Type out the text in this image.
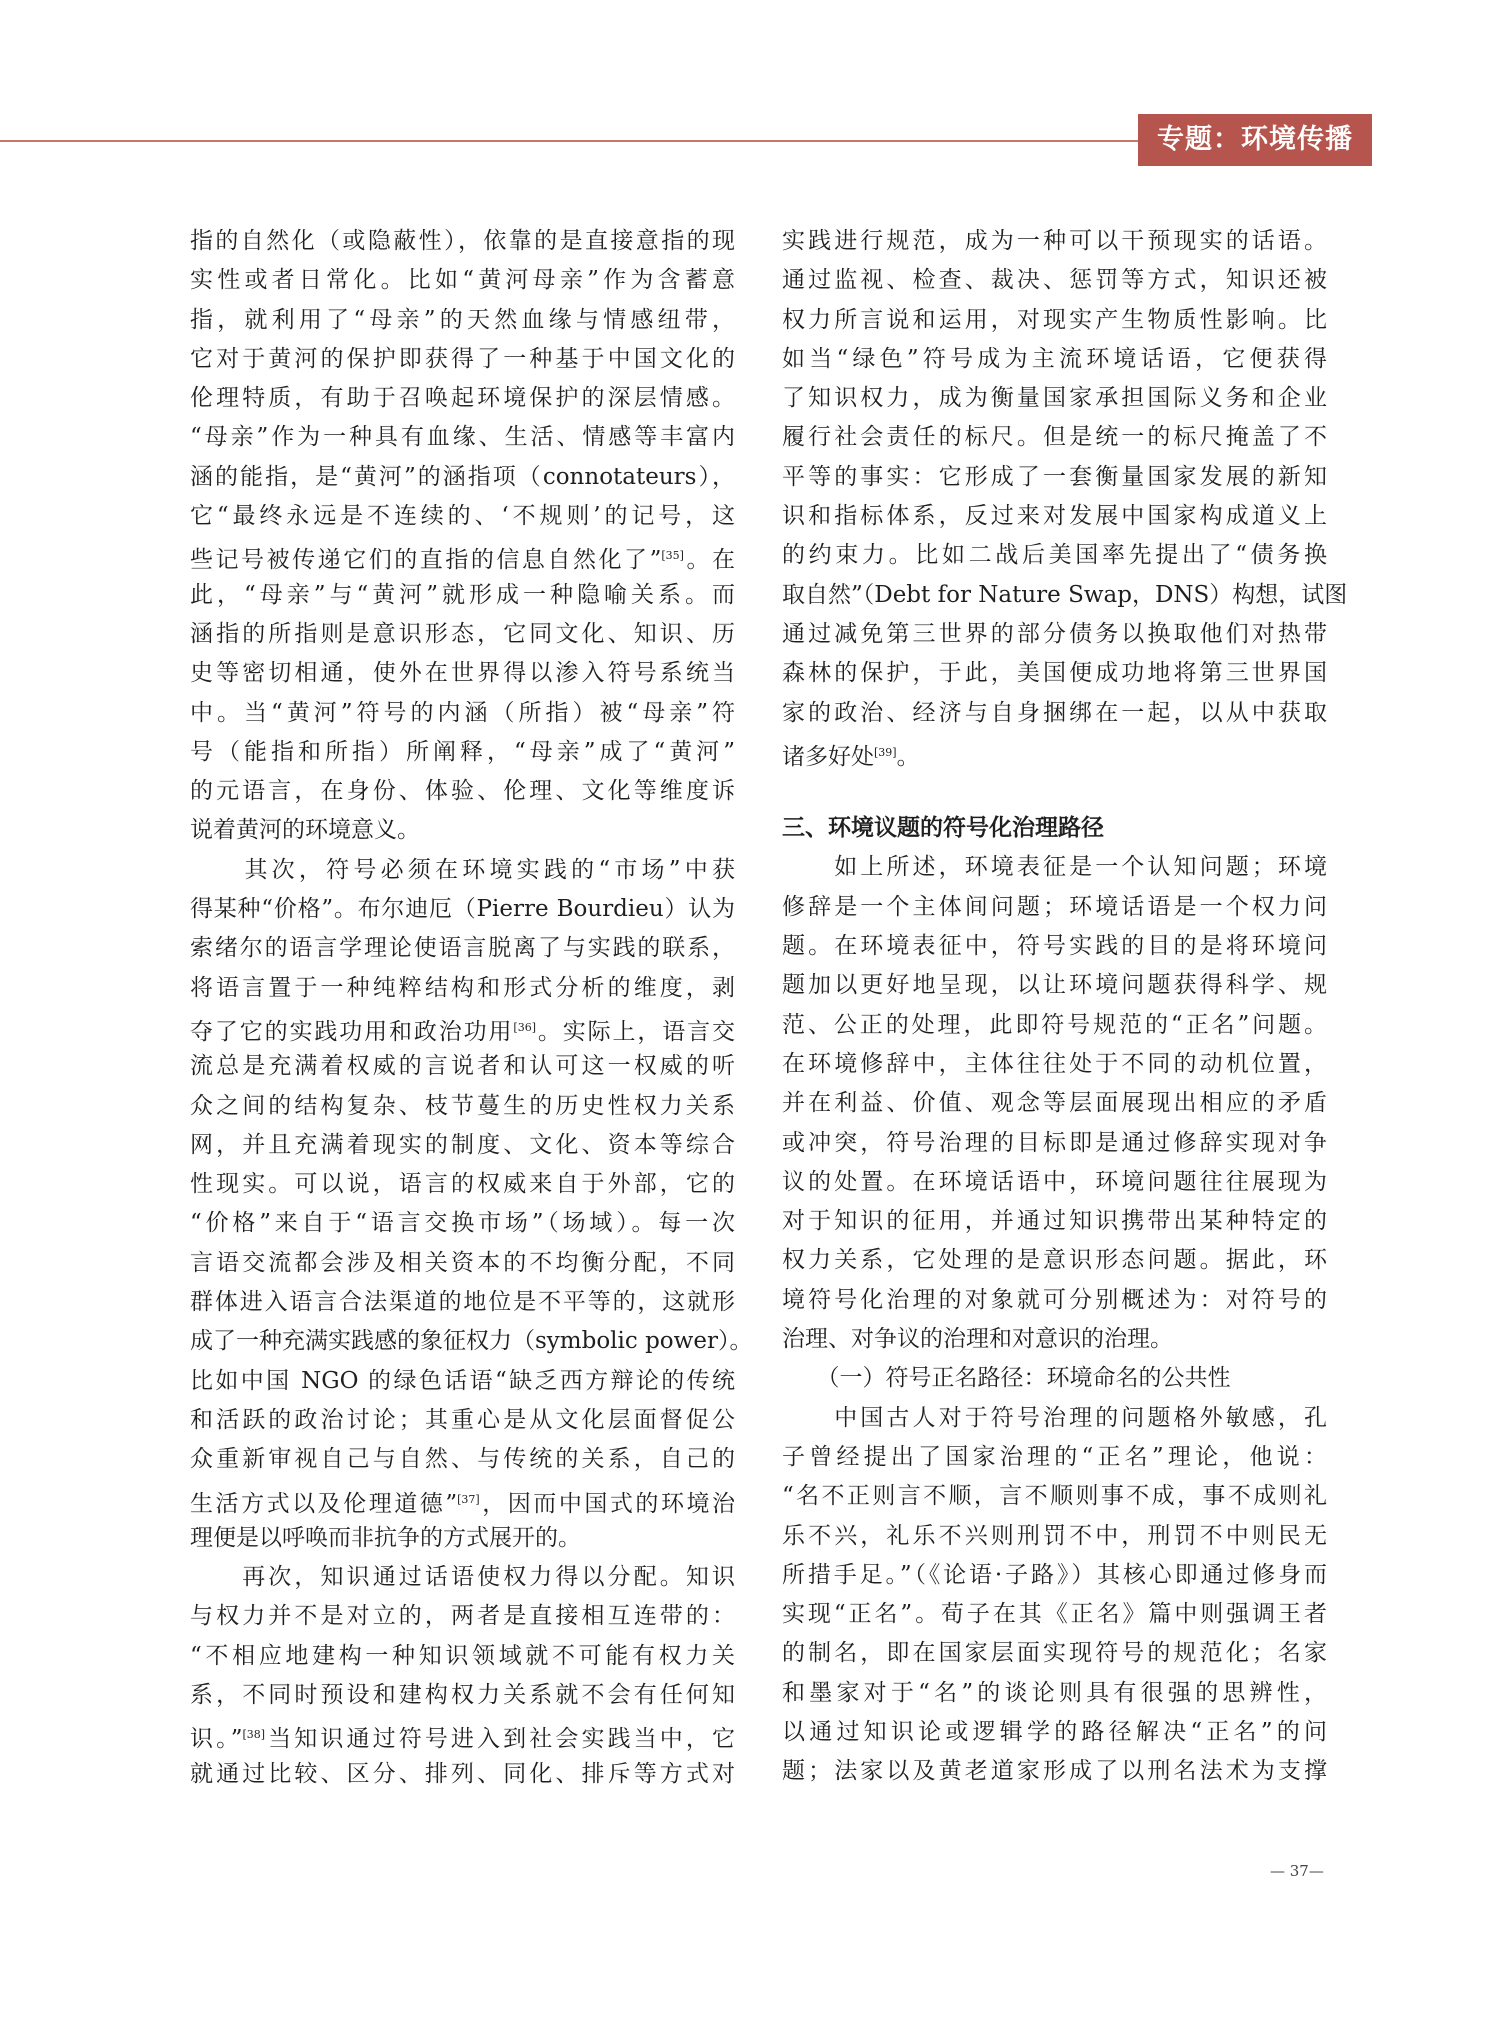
专题：环境传播
指的自然化（或隐蔽性），依靠的是直接意指的现
实性或者日常化。比如“黄河母亲”作为含蓄意
指，就利用了“母亲”的天然血缘与情感纽带，
它对于黄河的保护即获得了一种基于中国文化的
伦理特质，有助于召唤起环境保护的深层情感。
“母亲”作为一种具有血缘、生活、情感等丰富内
涵的能指，是“黄河”的涵指项（connotateurs），
它“最终永远是不连续的、‘不规则’的记号，这
些记号被传递它们的直指的信息自然化了”[35]。在
此，“母亲”与“黄河”就形成一种隐喻关系。而
涵指的所指则是意识形态，它同文化、知识、历
史等密切相通，使外在世界得以渗入符号系统当
中。当“黄河”符号的内涵（所指）被“母亲”符
号（能指和所指）所阐释，“母亲”成了“黄河”
的元语言，在身份、体验、伦理、文化等维度诉
说着黄河的环境意义。
　　其次，符号必须在环境实践的“市场”中获
得某种“价格”。布尔迪厄（Pierre Bourdieu）认为
索绪尔的语言学理论使语言脱离了与实践的联系，
将语言置于一种纯粹结构和形式分析的维度，剥
夺了它的实践功用和政治功用[36]。实际上，语言交
流总是充满着权威的言说者和认可这一权威的听
众之间的结构复杂、枝节蔓生的历史性权力关系
网，并且充满着现实的制度、文化、资本等综合
性现实。可以说，语言的权威来自于外部，它的
“价格”来自于“语言交换市场”（场域）。每一次
言语交流都会涉及相关资本的不均衡分配，不同
群体进入语言合法渠道的地位是不平等的，这就形
成了一种充满实践感的象征权力（symbolic power）。
比如中国 NGO 的绿色话语“缺乏西方辩论的传统
和活跃的政治讨论；其重心是从文化层面督促公
众重新审视自己与自然、与传统的关系，自己的
生活方式以及伦理道德”[37]，因而中国式的环境治
理便是以呼唤而非抗争的方式展开的。
　　再次，知识通过话语使权力得以分配。知识
与权力并不是对立的，两者是直接相互连带的：
“不相应地建构一种知识领域就不可能有权力关
系，不同时预设和建构权力关系就不会有任何知
识。”[38]当知识通过符号进入到社会实践当中，它
就通过比较、区分、排列、同化、排斥等方式对
实践进行规范，成为一种可以干预现实的话语。
通过监视、检查、裁决、惩罚等方式，知识还被
权力所言说和运用，对现实产生物质性影响。比
如当“绿色”符号成为主流环境话语，它便获得
了知识权力，成为衡量国家承担国际义务和企业
履行社会责任的标尺。但是统一的标尺掩盖了不
平等的事实：它形成了一套衡量国家发展的新知
识和指标体系，反过来对发展中国家构成道义上
的约束力。比如二战后美国率先提出了“债务换
取自然”（Debt for Nature Swap，DNS）构想，试图
通过减免第三世界的部分债务以换取他们对热带
森林的保护，于此，美国便成功地将第三世界国
家的政治、经济与自身捆绑在一起，以从中获取
诸多好处[39]。
三、环境议题的符号化治理路径
　　如上所述，环境表征是一个认知问题；环境
修辞是一个主体间问题；环境话语是一个权力问
题。在环境表征中，符号实践的目的是将环境问
题加以更好地呈现，以让环境问题获得科学、规
范、公正的处理，此即符号规范的“正名”问题。
在环境修辞中，主体往往处于不同的动机位置，
并在利益、价值、观念等层面展现出相应的矛盾
或冲突，符号治理的目标即是通过修辞实现对争
议的处置。在环境话语中，环境问题往往展现为
对于知识的征用，并通过知识携带出某种特定的
权力关系，它处理的是意识形态问题。据此，环
境符号化治理的对象就可分别概述为：对符号的
治理、对争议的治理和对意识的治理。
　　（一）符号正名路径：环境命名的公共性
　　中国古人对于符号治理的问题格外敏感，孔
子曾经提出了国家治理的“正名”理论，他说：
“名不正则言不顺，言不顺则事不成，事不成则礼
乐不兴，礼乐不兴则刑罚不中，刑罚不中则民无
所措手足。”（《论语·子路》）其核心即通过修身而
实现“正名”。荀子在其《正名》篇中则强调王者
的制名，即在国家层面实现符号的规范化；名家
和墨家对于“名”的谈论则具有很强的思辨性，
以通过知识论或逻辑学的路径解决“正名”的问
题；法家以及黄老道家形成了以刑名法术为支撑
— 37—
